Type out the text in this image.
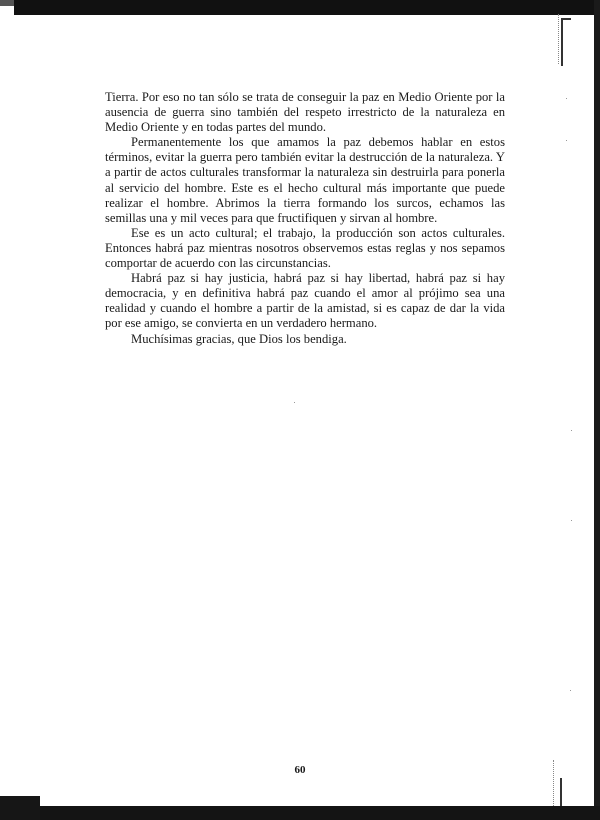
Tierra. Por eso no tan sólo se trata de conseguir la paz en Medio Oriente por la ausencia de guerra sino también del respeto irrestricto de la naturaleza en Medio Oriente y en todas partes del mundo.

Permanentemente los que amamos la paz debemos hablar en estos términos, evitar la guerra pero también evitar la destrucción de la naturaleza. Y a partir de actos culturales transformar la naturaleza sin destruirla para ponerla al servicio del hombre. Este es el hecho cultural más importante que puede realizar el hombre. Abrimos la tierra formando los surcos, echamos las semillas una y mil veces para que fructifiquen y sirvan al hombre.

Ese es un acto cultural; el trabajo, la producción son actos culturales. Entonces habrá paz mientras nosotros observemos estas reglas y nos sepamos comportar de acuerdo con las circunstancias.

Habrá paz si hay justicia, habrá paz si hay libertad, habrá paz si hay democracia, y en definitiva habrá paz cuando el amor al prójimo sea una realidad y cuando el hombre a partir de la amistad, si es capaz de dar la vida por ese amigo, se convierta en un verdadero hermano.

Muchísimas gracias, que Dios los bendiga.

60
